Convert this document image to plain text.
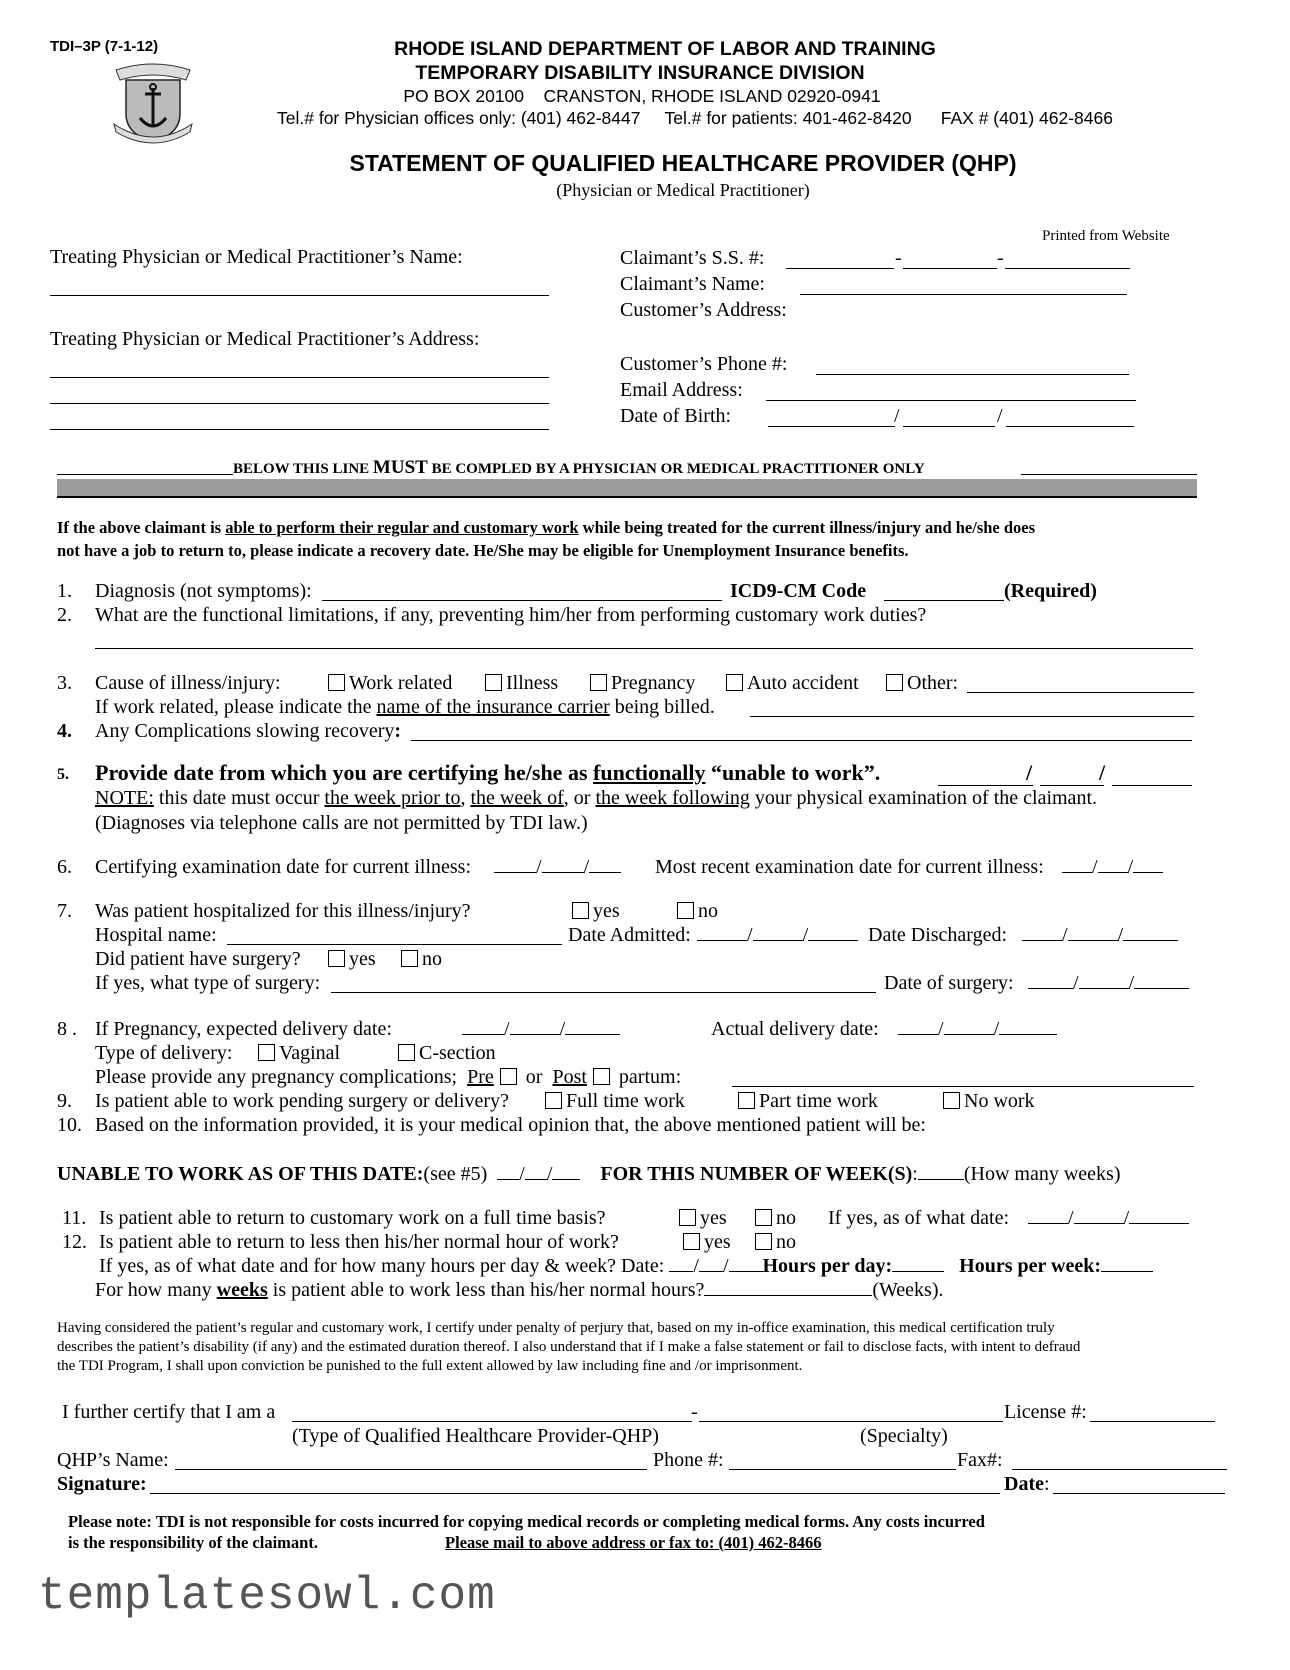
TDI–3P (7-1-12)	RHODE ISLAND DEPARTMENT OF LABOR AND TRAINING
TEMPORARY DISABILITY INSURANCE DIVISION
PO BOX 20100    CRANSTON, RHODE ISLAND 02920-0941
Tel.# for Physician offices only: (401) 462-8447     Tel.# for patients: 401-462-8420      FAX # (401) 462-8466
STATEMENT OF QUALIFIED HEALTHCARE PROVIDER (QHP)
(Physician or Medical Practitioner)
Printed from Website
Treating Physician or Medical Practitioner’s Name:
Treating Physician or Medical Practitioner’s Address:
Claimant’s S.S. #:	-	-
Claimant’s Name:
Customer’s Address:
Customer’s Phone #:
Email Address:
Date of Birth:	/	/
BELOW THIS LINE MUST BE COMPLED BY A PHYSICIAN OR MEDICAL PRACTITIONER ONLY
If the above claimant is able to perform their regular and customary work while being treated for the current illness/injury and he/she does
not have a job to return to, please indicate a recovery date. He/She may be eligible for Unemployment Insurance benefits.
1. Diagnosis (not symptoms):	ICD9-CM Code	(Required)
2. What are the functional limitations, if any, preventing him/her from performing customary work duties?
3. Cause of illness/injury:	Work related	Illness	Pregnancy	Auto accident	Other:
If work related, please indicate the name of the insurance carrier being billed.
4. Any Complications slowing recovery:
5. Provide date from which you are certifying he/she as functionally “unable to work”.	/	/
NOTE: this date must occur the week prior to, the week of, or the week following your physical examination of the claimant.
(Diagnoses via telephone calls are not permitted by TDI law.)
6. Certifying examination date for current illness:	/ /	Most recent examination date for current illness:	/ /
7. Was patient hospitalized for this illness/injury?	yes	no
Hospital name:	Date Admitted:	/	/	Date Discharged:	/	/
Did patient have surgery?	yes	no
If yes, what type of surgery:	Date of surgery:	/	/
8 . If Pregnancy, expected delivery date:	/	/	Actual delivery date:	/	/
Type of delivery:	Vaginal	C-section
Please provide any pregnancy complications; Pre or Post partum:
9. Is patient able to work pending surgery or delivery?	Full time work	Part time work	No work
10. Based on the information provided, it is your medical opinion that, the above mentioned patient will be:
UNABLE TO WORK AS OF THIS DATE:(see #5) / / FOR THIS NUMBER OF WEEK(S): (How many weeks)
11. Is patient able to return to customary work on a full time basis?	yes	no If yes, as of what date:	/	/
12. Is patient able to return to less then his/her normal hour of work?	yes	no
If yes, as of what date and for how many hours per day & week? Date: / / Hours per day:	Hours per week:
For how many weeks is patient able to work less than his/her normal hours?	(Weeks).
Having considered the patient’s regular and customary work, I certify under penalty of perjury that, based on my in-office examination, this medical certification truly
describes the patient’s disability (if any) and the estimated duration thereof. I also understand that if I make a false statement or fail to disclose facts, with intent to defraud
the TDI Program, I shall upon conviction be punished to the full extent allowed by law including fine and /or imprisonment.
I further certify that I am a	-	License #:
(Type of Qualified Healthcare Provider-QHP)	(Specialty)
QHP’s Name:	Phone #:	Fax#:
Signature:	Date:
Please note: TDI is not responsible for costs incurred for copying medical records or completing medical forms. Any costs incurred
is the responsibility of the claimant.	Please mail to above address or fax to: (401) 462-8466
templatesowl.com
